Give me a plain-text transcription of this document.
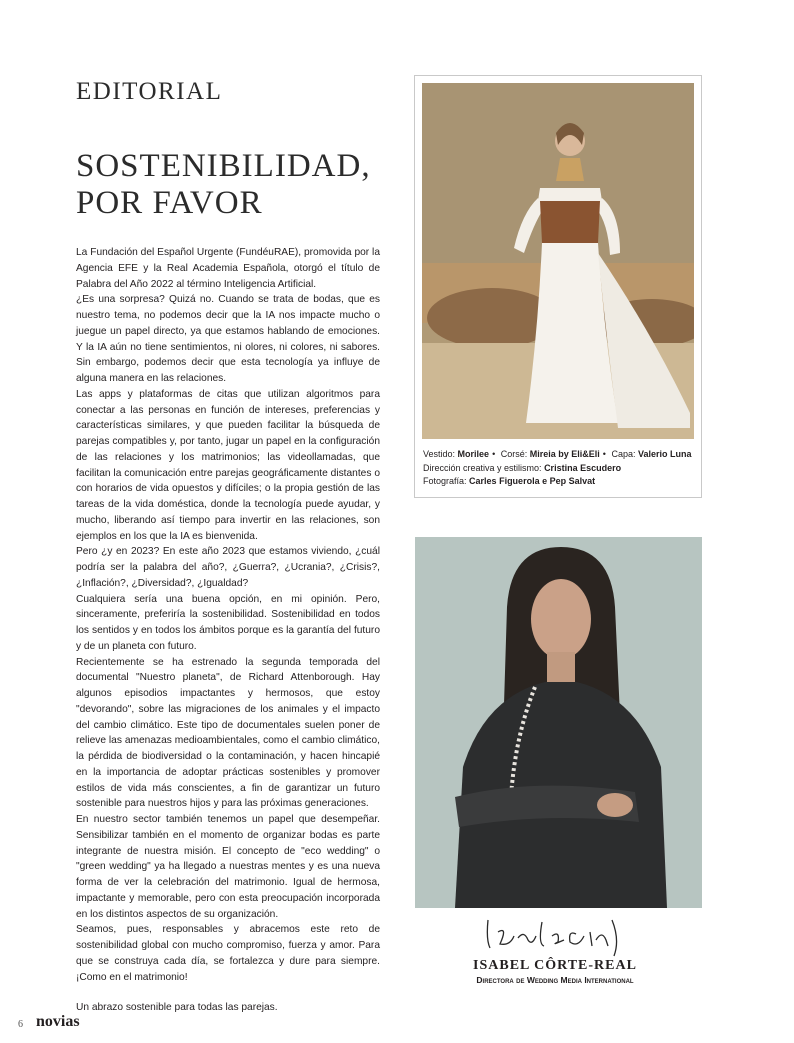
EDITORIAL
SOSTENIBILIDAD,
POR FAVOR

La Fundación del Español Urgente (FundéuRAE), promovida por la Agencia EFE y la Real Academia Española, otorgó el título de Palabra del Año 2022 al término Inteligencia Artificial.

¿Es una sorpresa? Quizá no. Cuando se trata de bodas, que es nuestro tema, no podemos decir que la IA nos impacte mucho o juegue un papel directo, ya que estamos hablando de emociones. Y la IA aún no tiene sentimientos, ni olores, ni colores, ni sabores. Sin embargo, podemos decir que esta tecnología ya influye de alguna manera en las relaciones.

Las apps y plataformas de citas que utilizan algoritmos para conectar a las personas en función de intereses, preferencias y características similares, y que pueden facilitar la búsqueda de parejas compatibles y, por tanto, jugar un papel en la configuración de las relaciones y los matrimonios; las videollamadas, que facilitan la comunicación entre parejas geográficamente distantes o con horarios de vida opuestos y difíciles; o la propia gestión de las tareas de la vida doméstica, donde la tecnología puede ayudar, y mucho, liberando así tiempo para invertir en las relaciones, son ejemplos en los que la IA es bienvenida.

Pero ¿y en 2023? En este año 2023 que estamos viviendo, ¿cuál podría ser la palabra del año?, ¿Guerra?, ¿Ucrania?, ¿Crisis?, ¿Inflación?, ¿Diversidad?, ¿Igualdad?

Cualquiera sería una buena opción, en mi opinión. Pero, sinceramente, preferiría la sostenibilidad. Sostenibilidad en todos los sentidos y en todos los ámbitos porque es la garantía del futuro y de un planeta con futuro.

Recientemente se ha estrenado la segunda temporada del documental "Nuestro planeta", de Richard Attenborough. Hay algunos episodios impactantes y hermosos, que estoy "devorando", sobre las migraciones de los animales y el impacto del cambio climático. Este tipo de documentales suelen poner de relieve las amenazas medioambientales, como el cambio climático, la pérdida de biodiversidad o la contaminación, y hacen hincapié en la importancia de adoptar prácticas sostenibles y promover estilos de vida más conscientes, a fin de garantizar un futuro sostenible para nuestros hijos y para las próximas generaciones.

En nuestro sector también tenemos un papel que desempeñar. Sensibilizar también en el momento de organizar bodas es parte integrante de nuestra misión. El concepto de "eco wedding" o "green wedding" ya ha llegado a nuestras mentes y es una nueva forma de ver la celebración del matrimonio. Igual de hermosa, impactante y memorable, pero con esta preocupación incorporada en los distintos aspectos de su organización.

Seamos, pues, responsables y abracemos este reto de sostenibilidad global con mucho compromiso, fuerza y amor. Para que se construya cada día, se fortalezca y dure para siempre. ¡Como en el matrimonio!

Un abrazo sostenible para todas las parejas.

Vestido: Morilee • Corsé: Mireia by Eli&Eli • Capa: Valerio Luna
Dirección creativa y estilismo: Cristina Escudero
Fotografía: Carles Figuerola e Pep Salvat
ISABEL CÔRTE-REAL
Directora de Wedding Media International
6 novias
